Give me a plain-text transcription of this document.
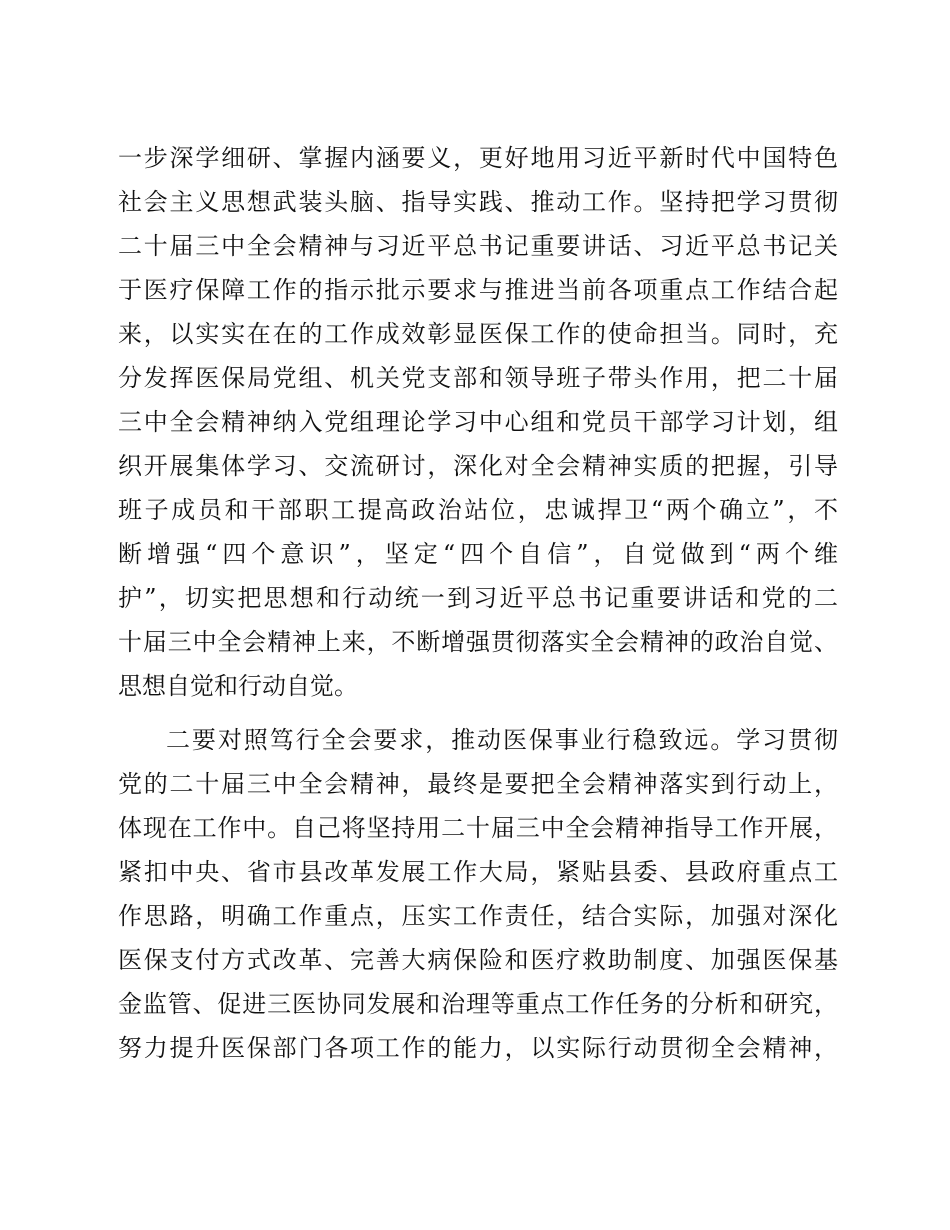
一步深学细研、掌握内涵要义，更好地用习近平新时代中国特色
社会主义思想武装头脑、指导实践、推动工作。坚持把学习贯彻
二十届三中全会精神与习近平总书记重要讲话、习近平总书记关
于医疗保障工作的指示批示要求与推进当前各项重点工作结合起
来，以实实在在的工作成效彰显医保工作的使命担当。同时，充
分发挥医保局党组、机关党支部和领导班子带头作用，把二十届
三中全会精神纳入党组理论学习中心组和党员干部学习计划，组
织开展集体学习、交流研讨，深化对全会精神实质的把握，引导
班子成员和干部职工提高政治站位，忠诚捍卫“两个确立”，不
断增强“四个意识”，坚定“四个自信”，自觉做到“两个维
护”，切实把思想和行动统一到习近平总书记重要讲话和党的二
十届三中全会精神上来，不断增强贯彻落实全会精神的政治自觉、
思想自觉和行动自觉。
二要对照笃行全会要求，推动医保事业行稳致远。学习贯彻
党的二十届三中全会精神，最终是要把全会精神落实到行动上，
体现在工作中。自己将坚持用二十届三中全会精神指导工作开展，
紧扣中央、省市县改革发展工作大局，紧贴县委、县政府重点工
作思路，明确工作重点，压实工作责任，结合实际，加强对深化
医保支付方式改革、完善大病保险和医疗救助制度、加强医保基
金监管、促进三医协同发展和治理等重点工作任务的分析和研究，
努力提升医保部门各项工作的能力，以实际行动贯彻全会精神，
